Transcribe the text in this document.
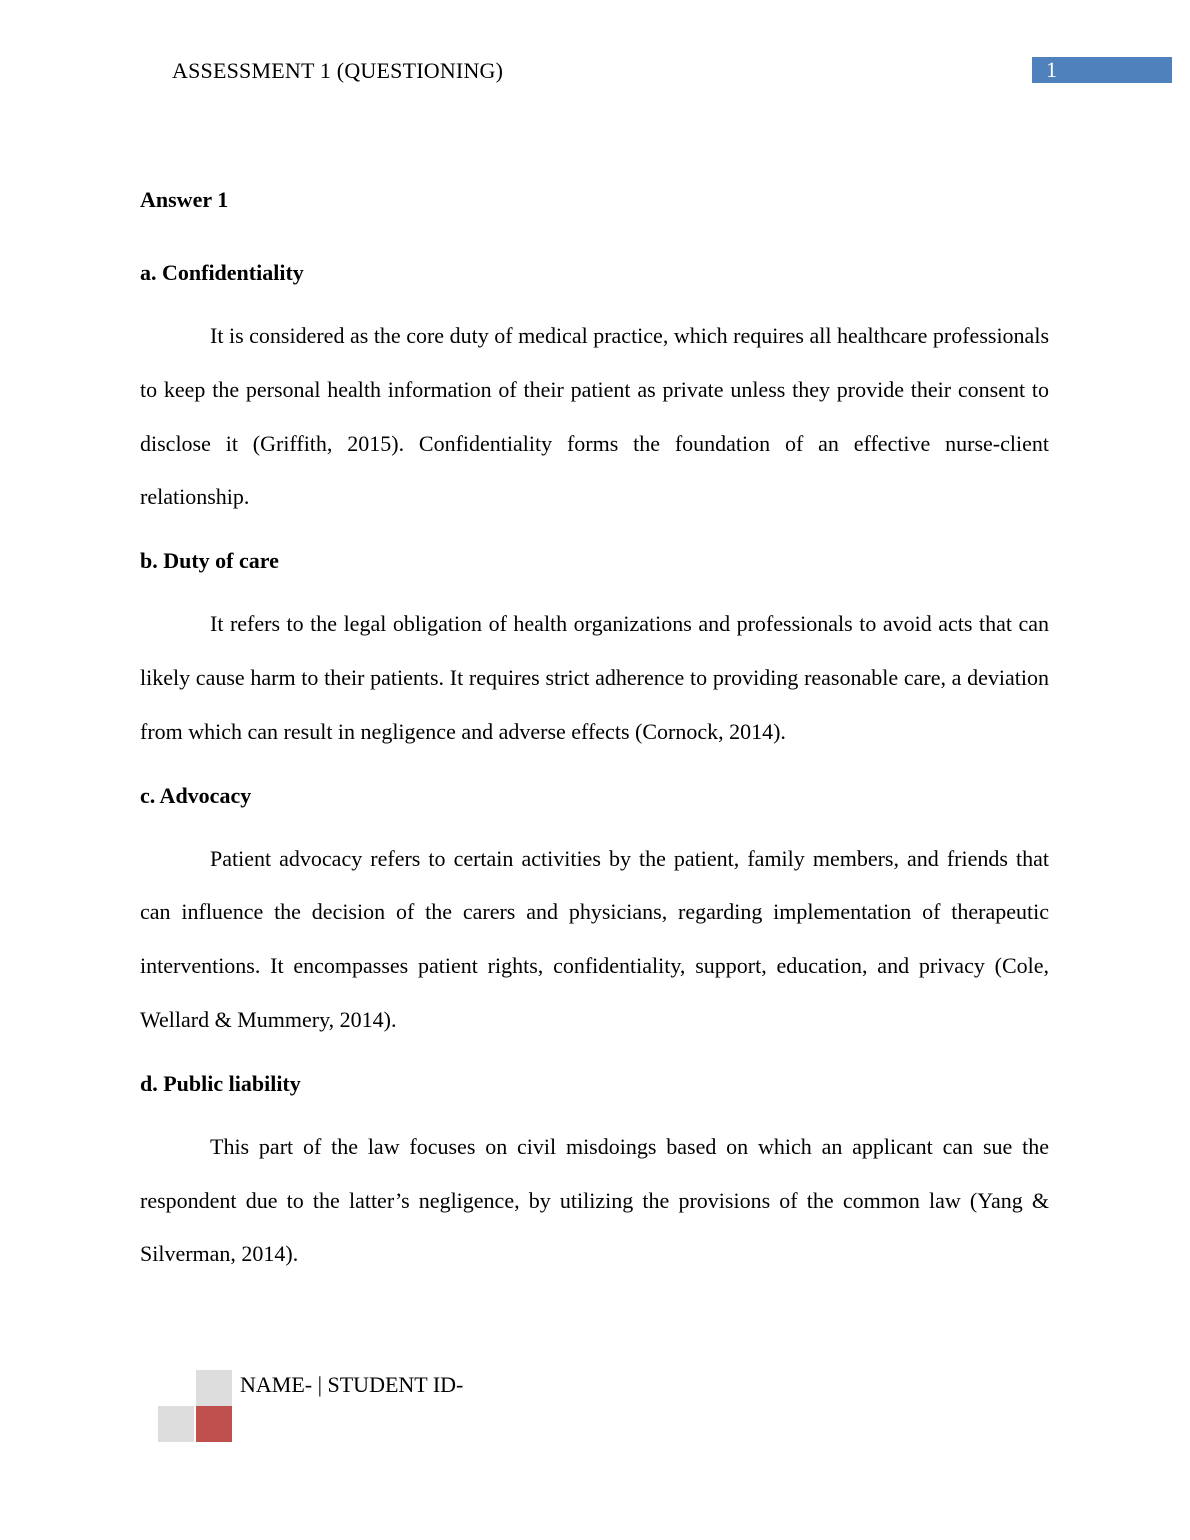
ASSESSMENT 1 (QUESTIONING)	1
Answer 1
a. Confidentiality

It is considered as the core duty of medical practice, which requires all healthcare professionals to keep the personal health information of their patient as private unless they provide their consent to disclose it (Griffith, 2015). Confidentiality forms the foundation of an effective nurse-client relationship.

b. Duty of care

It refers to the legal obligation of health organizations and professionals to avoid acts that can likely cause harm to their patients. It requires strict adherence to providing reasonable care, a deviation from which can result in negligence and adverse effects (Cornock, 2014).

c. Advocacy

Patient advocacy refers to certain activities by the patient, family members, and friends that can influence the decision of the carers and physicians, regarding implementation of therapeutic interventions. It encompasses patient rights, confidentiality, support, education, and privacy (Cole, Wellard & Mummery, 2014).

d. Public liability

This part of the law focuses on civil misdoings based on which an applicant can sue the respondent due to the latter’s negligence, by utilizing the provisions of the common law (Yang & Silverman, 2014).

NAME- | STUDENT ID-
